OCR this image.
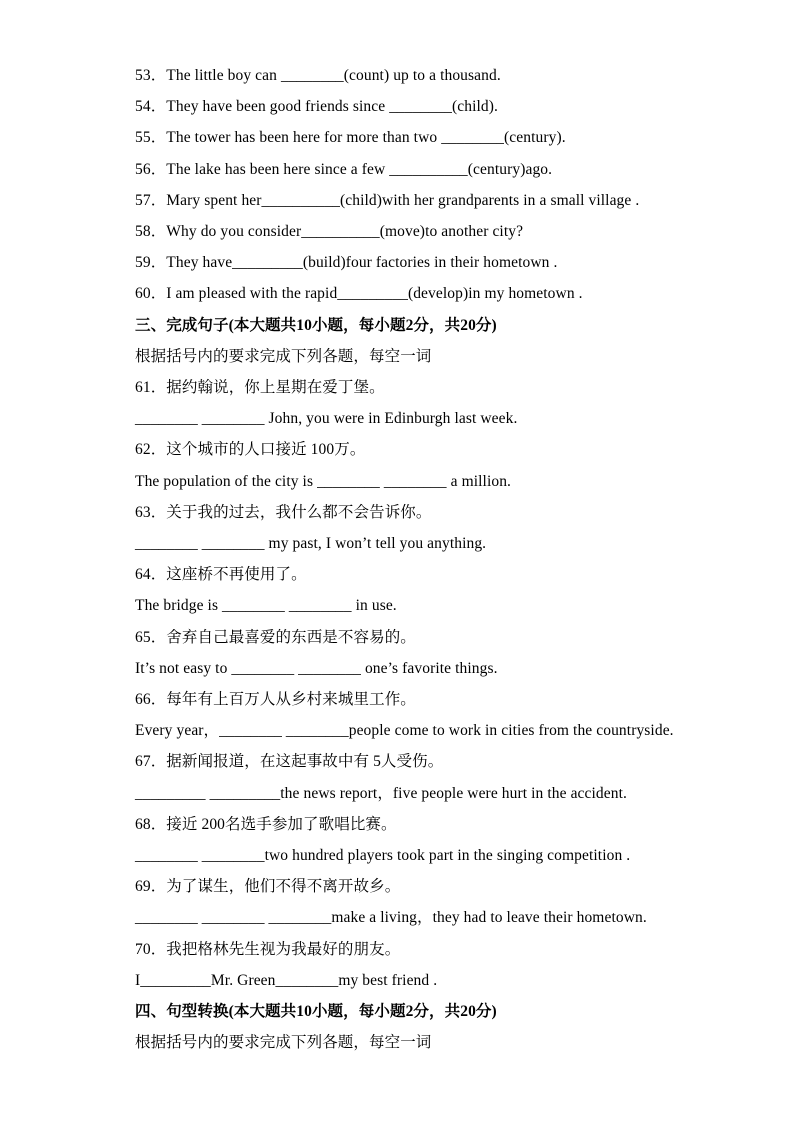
53．The little boy can ________(count) up to a thousand.
54．They have been good friends since ________(child).
55．The tower has been here for more than two ________(century).
56．The lake has been here since a few __________(century)ago.
57．Mary spent her__________(child)with her grandparents in a small village .
58．Why do you consider__________(move)to another city?
59．They have_________(build)four factories in their hometown .
60．I am pleased with the rapid_________(develop)in my hometown .
三、完成句子(本大题共10小题，每小题2分，共20分)
根据括号内的要求完成下列各题，每空一词
61．据约翰说，你上星期在爱丁堡。
________ ________ John, you were in Edinburgh last week.
62．这个城市的人口接近 100万。
The population of the city is ________ ________ a million.
63．关于我的过去，我什么都不会告诉你。
________ ________ my past, I won’t tell you anything.
64．这座桥不再使用了。
The bridge is ________ ________ in use.
65．舍弃自己最喜爱的东西是不容易的。
It’s not easy to ________ ________ one’s favorite things.
66．每年有上百万人从乡村来城里工作。
Every year，________ ________people come to work in cities from the countryside.
67．据新闻报道，在这起事故中有 5人受伤。
_________ _________the news report，five people were hurt in the accident.
68．接近 200名选手参加了歌唱比赛。
________ ________two hundred players took part in the singing competition .
69．为了谋生，他们不得不离开故乡。
________ ________ ________make a living，they had to leave their hometown.
70．我把格林先生视为我最好的朋友。
I_________Mr. Green________my best friend .
四、句型转换(本大题共10小题，每小题2分，共20分)
根据括号内的要求完成下列各题，每空一词
